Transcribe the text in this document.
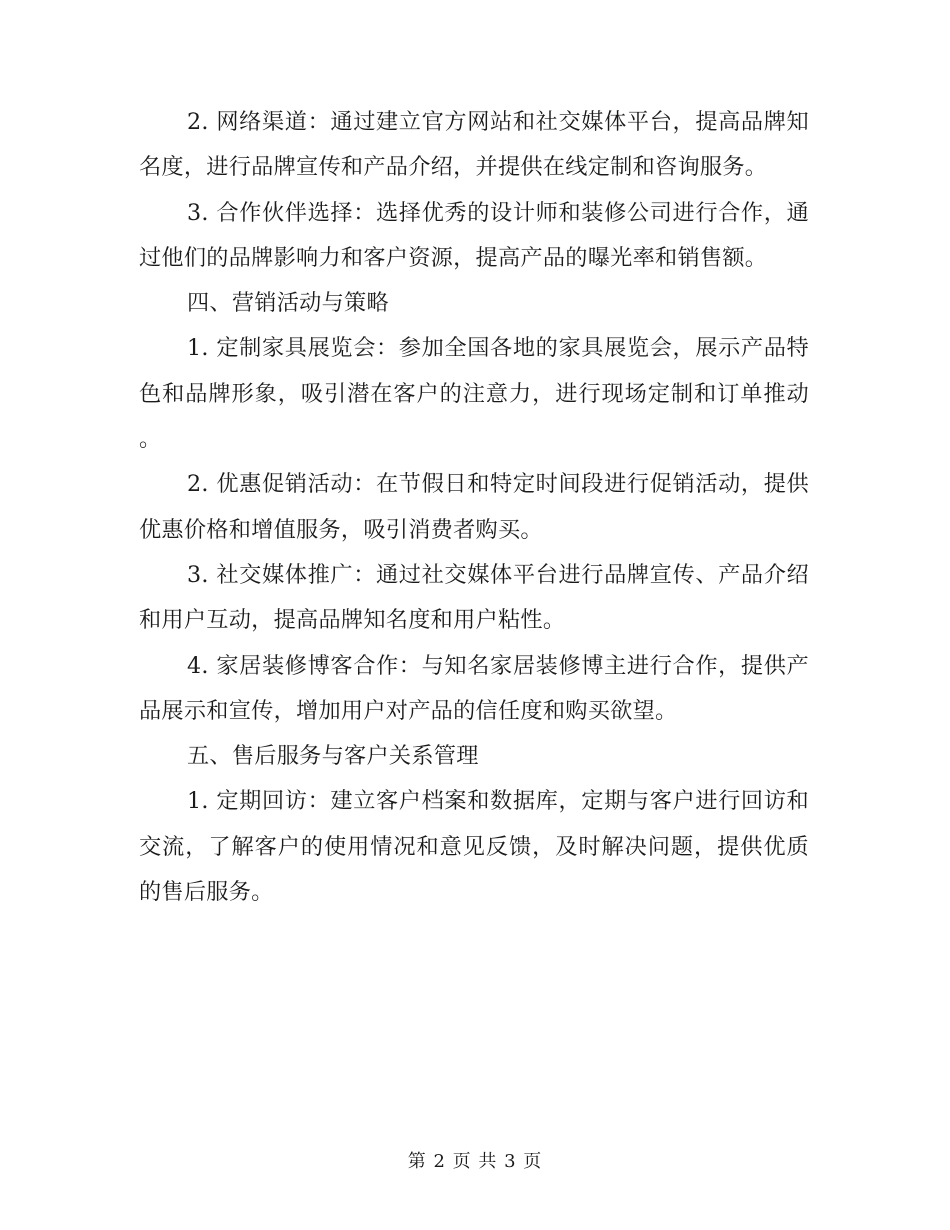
2. 网络渠道：通过建立官方网站和社交媒体平台，提高品牌知名度，进行品牌宣传和产品介绍，并提供在线定制和咨询服务。

3. 合作伙伴选择：选择优秀的设计师和装修公司进行合作，通过他们的品牌影响力和客户资源，提高产品的曝光率和销售额。

四、营销活动与策略

1. 定制家具展览会：参加全国各地的家具展览会，展示产品特色和品牌形象，吸引潜在客户的注意力，进行现场定制和订单推动。

2. 优惠促销活动：在节假日和特定时间段进行促销活动，提供优惠价格和增值服务，吸引消费者购买。

3. 社交媒体推广：通过社交媒体平台进行品牌宣传、产品介绍和用户互动，提高品牌知名度和用户粘性。

4. 家居装修博客合作：与知名家居装修博主进行合作，提供产品展示和宣传，增加用户对产品的信任度和购买欲望。

五、售后服务与客户关系管理

1. 定期回访：建立客户档案和数据库，定期与客户进行回访和交流，了解客户的使用情况和意见反馈，及时解决问题，提供优质的售后服务。

第 2 页 共 3 页
